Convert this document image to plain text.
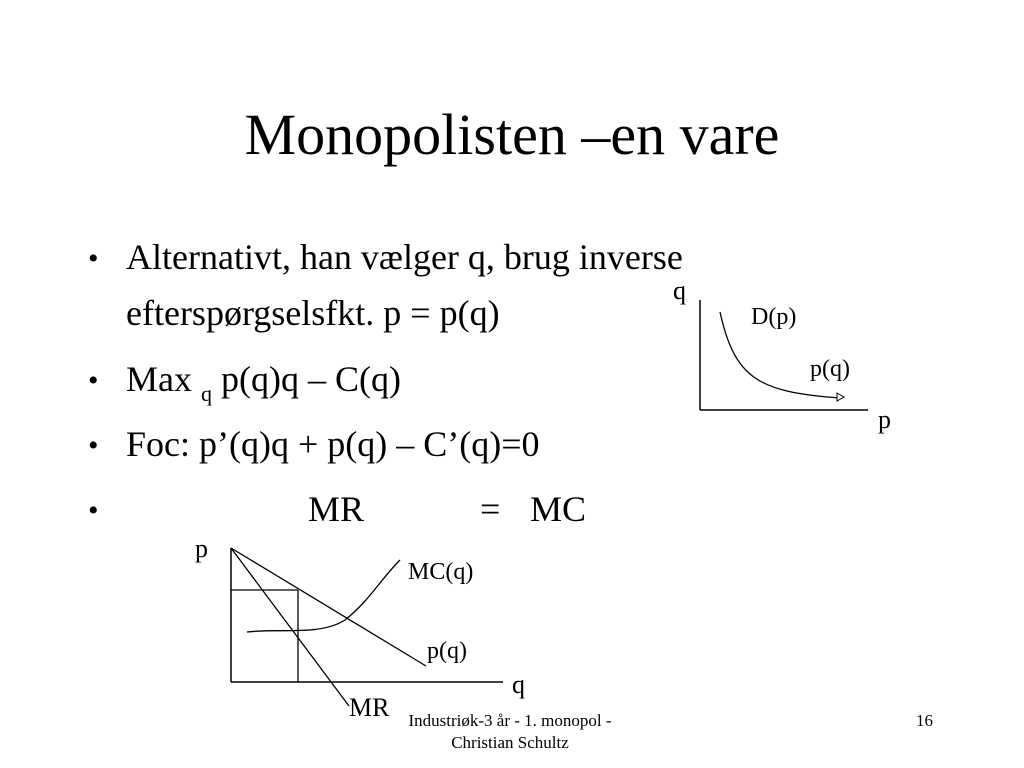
Monopolisten –en vare
• Alternativt, han vælger q, brug inverse
efterspørgselsfkt. p = p(q)
• Max $_q$ p(q)q – C(q)
• Foc: p’(q)q + p(q) – C’(q)=0
•	MR	= MC
q
p
D(p)
p(q)
p
q
MC(q)
p(q)
MR	Industriøk-3 år - 1. monopol -
Christian Schultz
16
